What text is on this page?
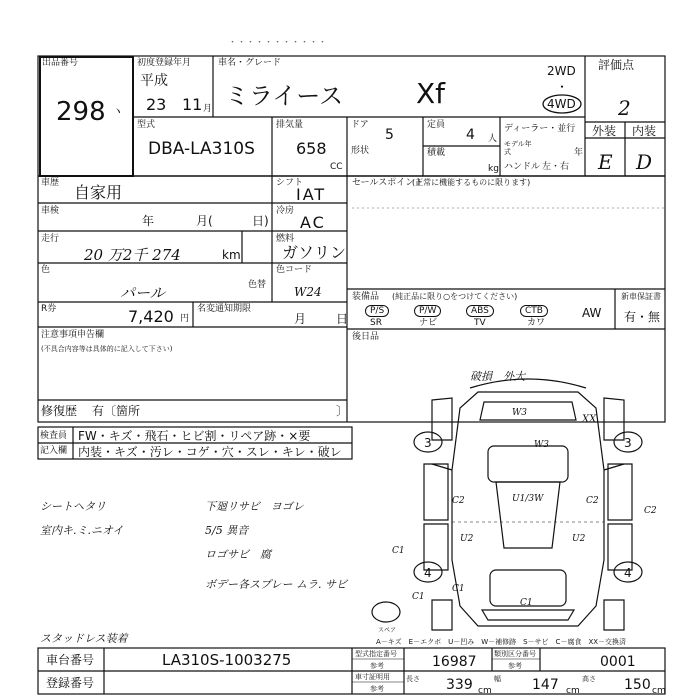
・・・・・・・・・・・
出品番号
298 ヽ
初度登録年月
平成
23 11 月
車名・グレード
ミライース	Xf
2WD
・
4WD
評価点
2
外装 内装
E D
型式
DBA-LA310S
排気量
658
CC
ドア
5
形状
定員
4 人
積載
kg
ディーラー・並行
モデル年式	年
ハンドル 左・右
車歴 自家用	シフト
IAT
車検
年	月(	日)
冷房
AC
走行
20 万2千 274	km
燃料
ガソリン
色
パール	色替
色コード
W24
R券	7,420 円
名変通知期限
月 日
注意事項申告欄
(不具合内容等は具体的に記入して下さい)
修復歴 有〔箇所	〕
セールスポイント
(正常に機能するものに限ります)
装備品 (純正品に限り○をつけてください)
P/S	P/W	ABS	CTB
SR	ナビ	TV	カワ
AW
新車保証書
有・無
後日品
検査員 FW・キズ・飛石・ヒビ割・リペア跡・×要
記入欄 内装・キズ・汚レ・コゲ・穴・スレ・キレ・破レ
シートヘタリ
室内キ.ミ.ニオイ
下廻リサビ　ヨゴレ
5/5 異音
ロゴサビ　腐
ボデー各スプレー ムラ. サビ
スタッドレス装着
破損　外大
W3
W3
XX
U1/3W
C2	C2
C2
U2	U2
C1
C1
C1
C1
3	3
4	4
スペア
A－キズ　E－エクボ　U－凹み　W－補修跡　S－サビ　C－腐食　XX－交換済
車台番号	LA310S-1003275
登録番号
型式指定番号
参考	16987 類別区分番号
参考	0001
車寸証明用
参考
長さ 339 cm
幅 147 cm
高さ 150 cm
